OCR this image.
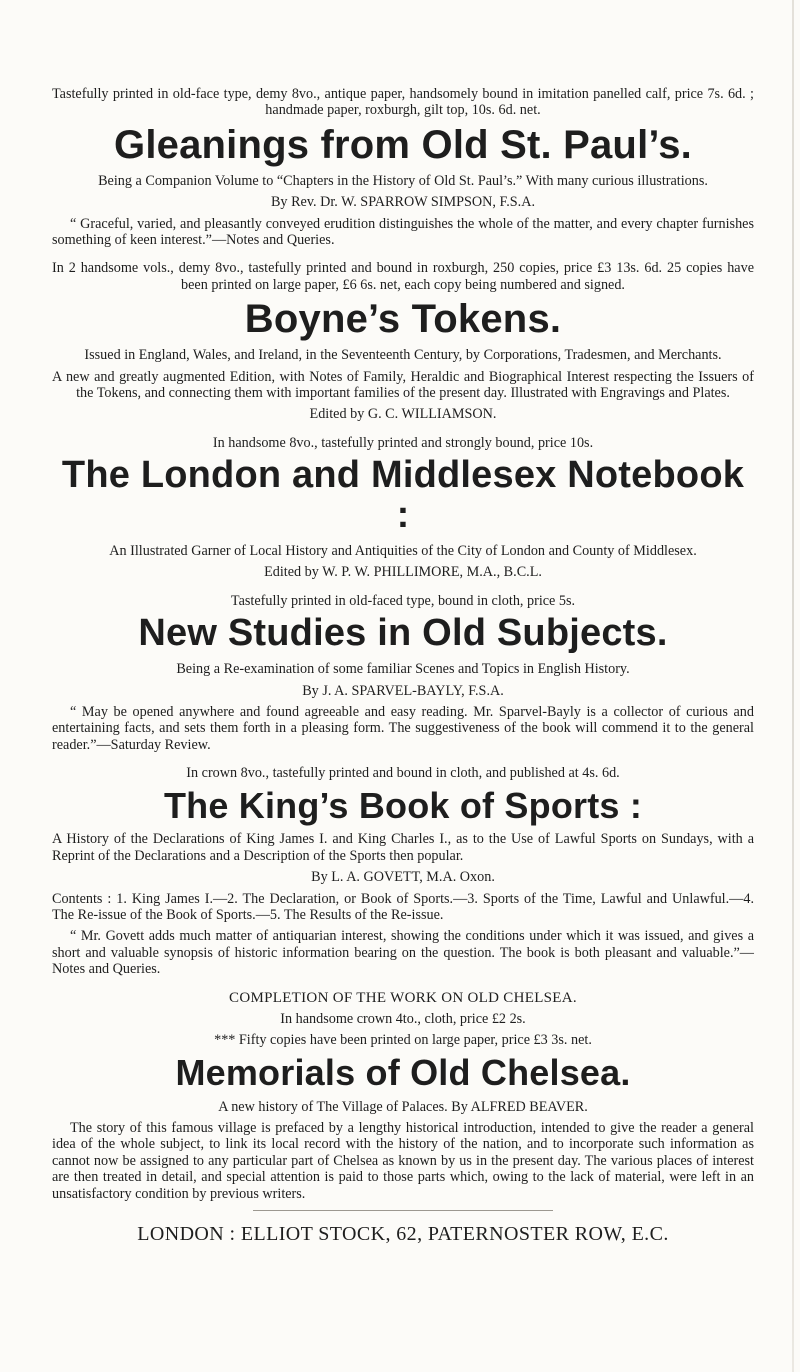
Tastefully printed in old-face type, demy 8vo., antique paper, handsomely bound in imitation panelled calf, price 7s. 6d. ; handmade paper, roxburgh, gilt top, 10s. 6d. net.

Gleanings from Old St. Paul’s.

Being a Companion Volume to “Chapters in the History of Old St. Paul’s.” With many curious illustrations.

By Rev. Dr. W. SPARROW SIMPSON, F.S.A.

“ Graceful, varied, and pleasantly conveyed erudition distinguishes the whole of the matter, and every chapter furnishes something of keen interest.”—Notes and Queries.

In 2 handsome vols., demy 8vo., tastefully printed and bound in roxburgh, 250 copies, price £3 13s. 6d. 25 copies have been printed on large paper, £6 6s. net, each copy being numbered and signed.

Boyne’s Tokens.

Issued in England, Wales, and Ireland, in the Seventeenth Century, by Corporations, Tradesmen, and Merchants.

A new and greatly augmented Edition, with Notes of Family, Heraldic and Biographical Interest respecting the Issuers of the Tokens, and connecting them with important families of the present day. Illustrated with Engravings and Plates.

Edited by G. C. WILLIAMSON.

In handsome 8vo., tastefully printed and strongly bound, price 10s.

The London and Middlesex Notebook :

An Illustrated Garner of Local History and Antiquities of the City of London and County of Middlesex.

Edited by W. P. W. PHILLIMORE, M.A., B.C.L.

Tastefully printed in old-faced type, bound in cloth, price 5s.

New Studies in Old Subjects.

Being a Re-examination of some familiar Scenes and Topics in English History.

By J. A. SPARVEL-BAYLY, F.S.A.

“ May be opened anywhere and found agreeable and easy reading. Mr. Sparvel-Bayly is a collector of curious and entertaining facts, and sets them forth in a pleasing form. The suggestiveness of the book will commend it to the general reader.”—Saturday Review.

In crown 8vo., tastefully printed and bound in cloth, and published at 4s. 6d.

The King’s Book of Sports :

A History of the Declarations of King James I. and King Charles I., as to the Use of Lawful Sports on Sundays, with a Reprint of the Declarations and a Description of the Sports then popular.

By L. A. GOVETT, M.A. Oxon.

Contents : 1. King James I.—2. The Declaration, or Book of Sports.—3. Sports of the Time, Lawful and Unlawful.—4. The Re-issue of the Book of Sports.—5. The Results of the Re-issue.

“ Mr. Govett adds much matter of antiquarian interest, showing the conditions under which it was issued, and gives a short and valuable synopsis of historic information bearing on the question. The book is both pleasant and valuable.”—Notes and Queries.

COMPLETION OF THE WORK ON OLD CHELSEA.

In handsome crown 4to., cloth, price £2 2s.

*** Fifty copies have been printed on large paper, price £3 3s. net.

Memorials of Old Chelsea.

A new history of The Village of Palaces. By ALFRED BEAVER.

The story of this famous village is prefaced by a lengthy historical introduction, intended to give the reader a general idea of the whole subject, to link its local record with the history of the nation, and to incorporate such information as cannot now be assigned to any particular part of Chelsea as known by us in the present day. The various places of interest are then treated in detail, and special attention is paid to those parts which, owing to the lack of material, were left in an unsatisfactory condition by previous writers.

LONDON : ELLIOT STOCK, 62, PATERNOSTER ROW, E.C.
